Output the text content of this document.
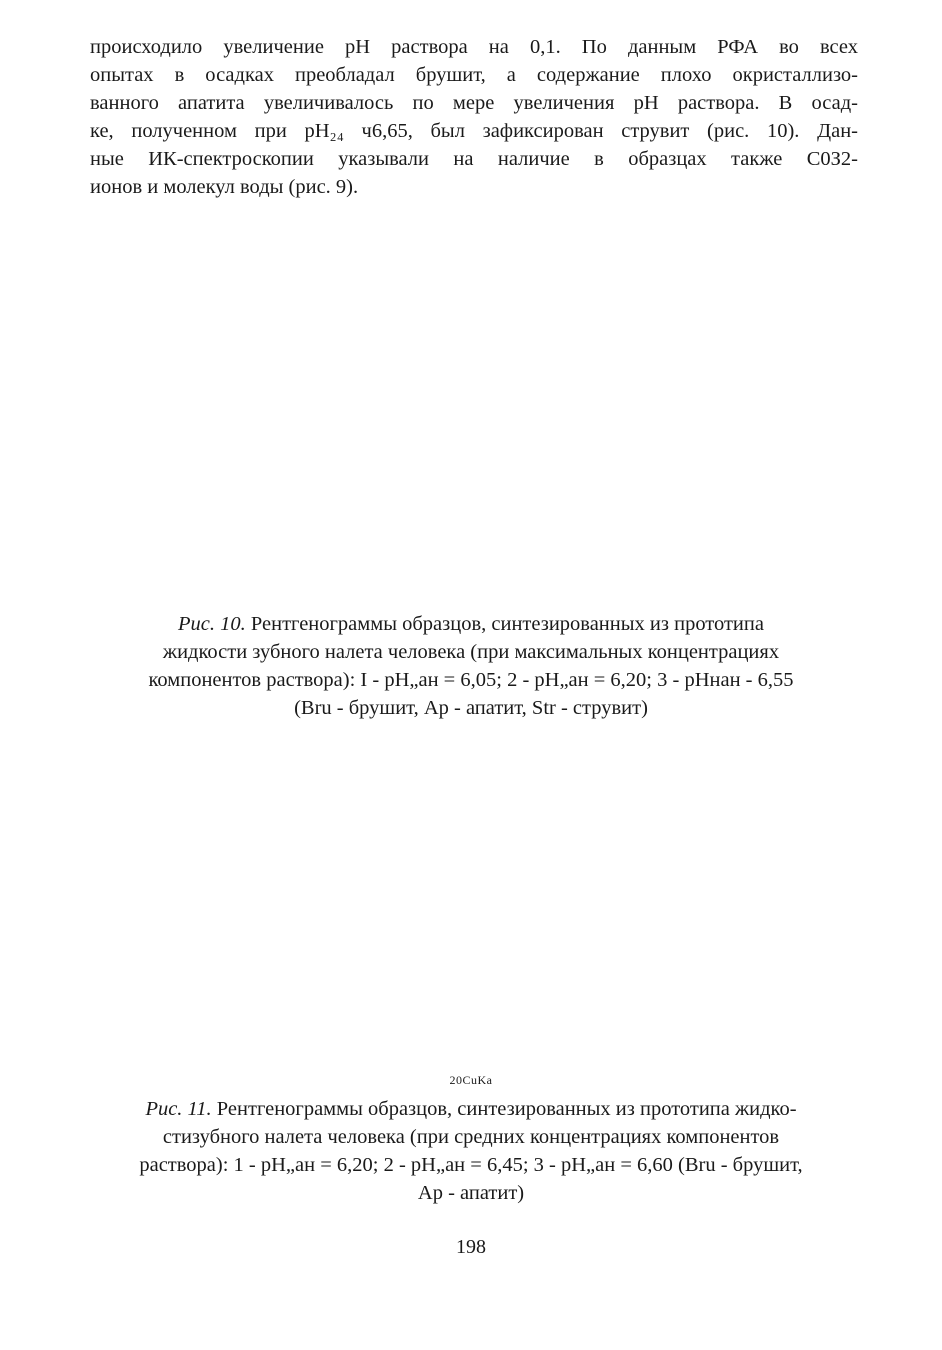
происходило увеличение pH раствора на 0,1. По данным РФА во всех
опытах в осадках преобладал брушит, а содержание плохо окристаллизо-
ванного апатита увеличивалось по мере увеличения pH раствора. В осад-
ке, полученном при pH₂₄ ч6,65, был зафиксирован струвит (рис. 10). Дан-
ные ИК-спектроскопии указывали на наличие в образцах также С0З2-
ионов и молекул воды (рис. 9).
Рис. 10. Рентгенограммы образцов, синтезированных из прототипа
жидкости зубного налета человека (при максимальных концентрациях
компонентов раствора): I - pH„ан = 6,05; 2 - pH„ан = 6,20; 3 - pHнан - 6,55
(Bru - брушит, Ap - апатит, Str - струвит)
20CuKa
Рис. 11. Рентгенограммы образцов, синтезированных из прототипа жидко-
стизубного налета человека (при средних концентрациях компонентов
раствора): 1 - pH„ан = 6,20; 2 - pH„ан = 6,45; 3 - pH„ан = 6,60 (Bru - брушит,
Ap - апатит)
198
